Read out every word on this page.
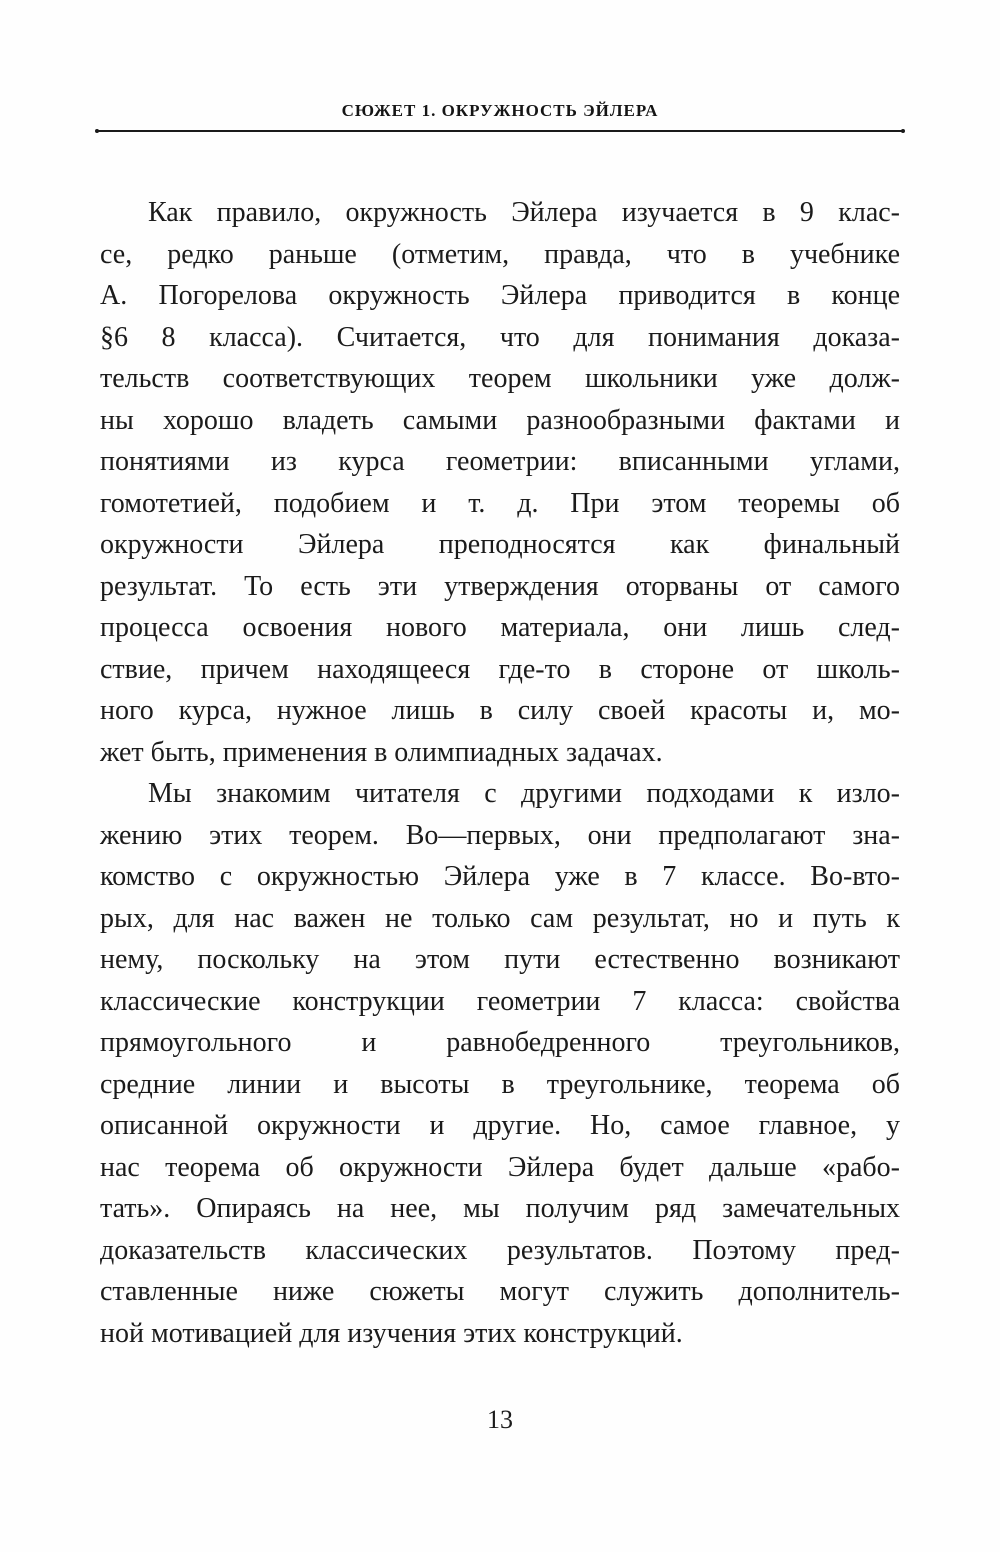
СЮЖЕТ 1. ОКРУЖНОСТЬ ЭЙЛЕРА
Как правило, окружность Эйлера изучается в 9 клас-
се, редко раньше (отметим, правда, что в учебнике
А. Погорелова окружность Эйлера приводится в конце
§6 8 класса). Считается, что для понимания доказа-
тельств соответствующих теорем школьники уже долж-
ны хорошо владеть самыми разнообразными фактами и
понятиями из курса геометрии: вписанными углами,
гомотетией, подобием и т. д. При этом теоремы об
окружности Эйлера преподносятся как финальный
результат. То есть эти утверждения оторваны от самого
процесса освоения нового материала, они лишь след-
ствие, причем находящееся где-то в стороне от школь-
ного курса, нужное лишь в силу своей красоты и, мо-
жет быть, применения в олимпиадных задачах.
Мы знакомим читателя с другими подходами к изло-
жению этих теорем. Во—первых, они предполагают зна-
комство с окружностью Эйлера уже в 7 классе. Во-вто-
рых, для нас важен не только сам результат, но и путь к
нему, поскольку на этом пути естественно возникают
классические конструкции геометрии 7 класса: свойства
прямоугольного и равнобедренного треугольников,
средние линии и высоты в треугольнике, теорема об
описанной окружности и другие. Но, самое главное, у
нас теорема об окружности Эйлера будет дальше «рабо-
тать». Опираясь на нее, мы получим ряд замечательных
доказательств классических результатов. Поэтому пред-
ставленные ниже сюжеты могут служить дополнитель-
ной мотивацией для изучения этих конструкций.
13
